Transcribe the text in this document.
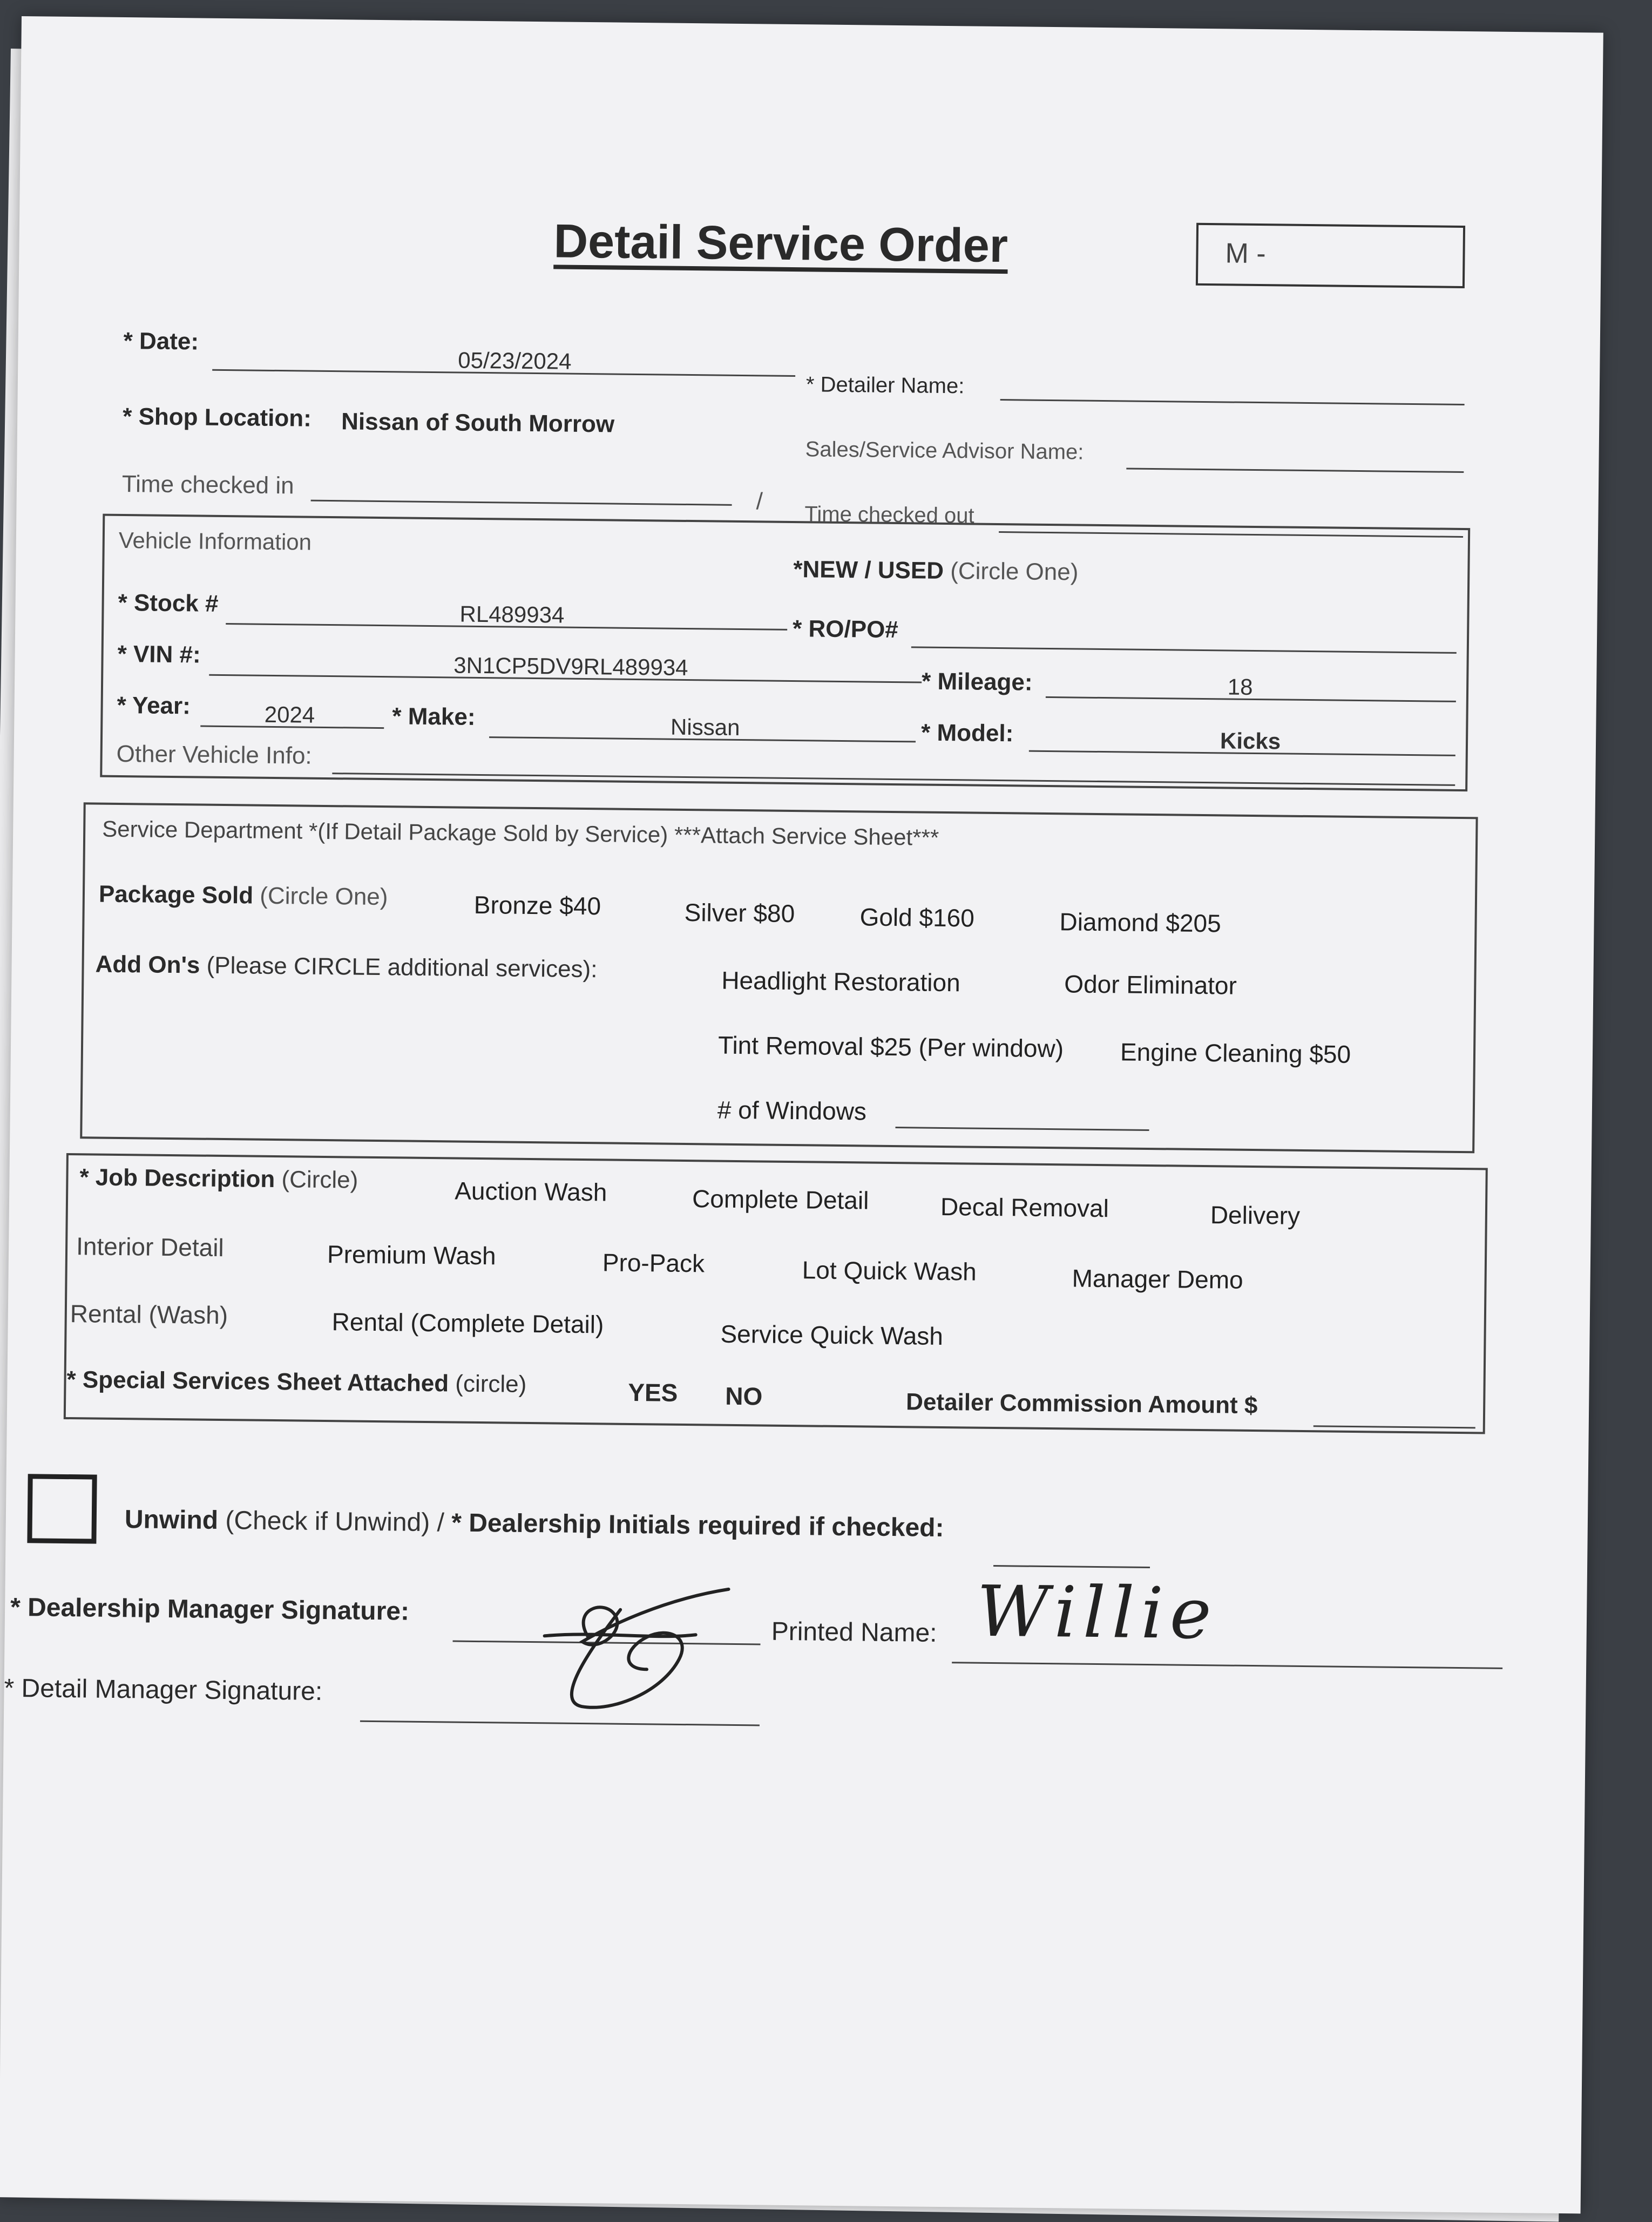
Detail Service Order	M -
* Date:
05/23/2024
* Detailer Name:
* Shop Location: Nissan of South Morrow
Sales/Service Advisor Name:
Time checked in
/
Time checked out
Vehicle Information
*NEW / USED (Circle One)
* Stock #	RL489934
* RO/PO#
* VIN #:	3N1CP5DV9RL489934
* Mileage:	18
* Year:	2024	* Make:	Nissan	* Model:	Kicks
Other Vehicle Info:
Service Department *(If Detail Package Sold by Service) ***Attach Service Sheet***
Package Sold (Circle One)	Bronze $40	Silver $80	Gold $160	Diamond $205
Add On's (Please CIRCLE additional services):	Headlight Restoration	Odor Eliminator
Tint Removal $25 (Per window) Engine Cleaning $50
# of Windows
* Job Description (Circle)	Auction Wash	Complete Detail	Decal Removal	Delivery
Interior Detail	Premium Wash	Pro-Pack	Lot Quick Wash	Manager Demo
Rental (Wash)	Rental (Complete Detail)	Service Quick Wash
* Special Services Sheet Attached (circle)	YES NO	Detailer Commission Amount $
Unwind (Check if Unwind) / * Dealership Initials required if checked:
* Dealership Manager Signature:
Printed Name: Willie
* Detail Manager Signature:
